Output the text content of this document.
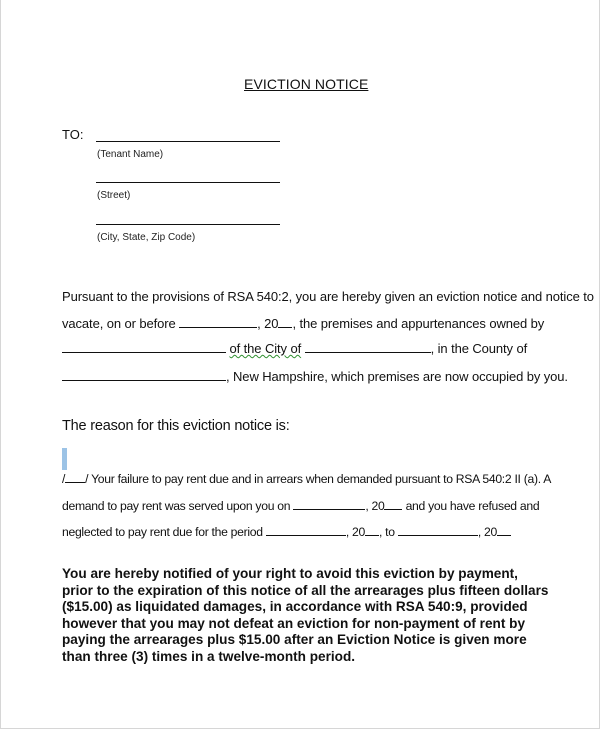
EVICTION NOTICE
TO:
(Tenant Name)
(Street)
(City, State, Zip Code)
Pursuant to the provisions of RSA 540:2, you are hereby given an eviction notice and notice to
vacate, on or before	, 20 , the premises and appurtenances owned by
of the City of	, in the County of
, New Hampshire, which premises are now occupied by you.
The reason for this eviction notice is:
/ / Your failure to pay rent due and in arrears when demanded pursuant to RSA 540:2 II (a). A
demand to pay rent was served upon you on	, 20 and you have refused and
neglected to pay rent due for the period	, 20 , to	, 20

You are hereby notified of your right to avoid this eviction by payment, prior to the expiration of this notice of all the arrearages plus fifteen dollars ($15.00) as liquidated damages, in accordance with RSA 540:9, provided however that you may not defeat an eviction for non-payment of rent by paying the arrearages plus $15.00 after an Eviction Notice is given more than three (3) times in a twelve-month period.
